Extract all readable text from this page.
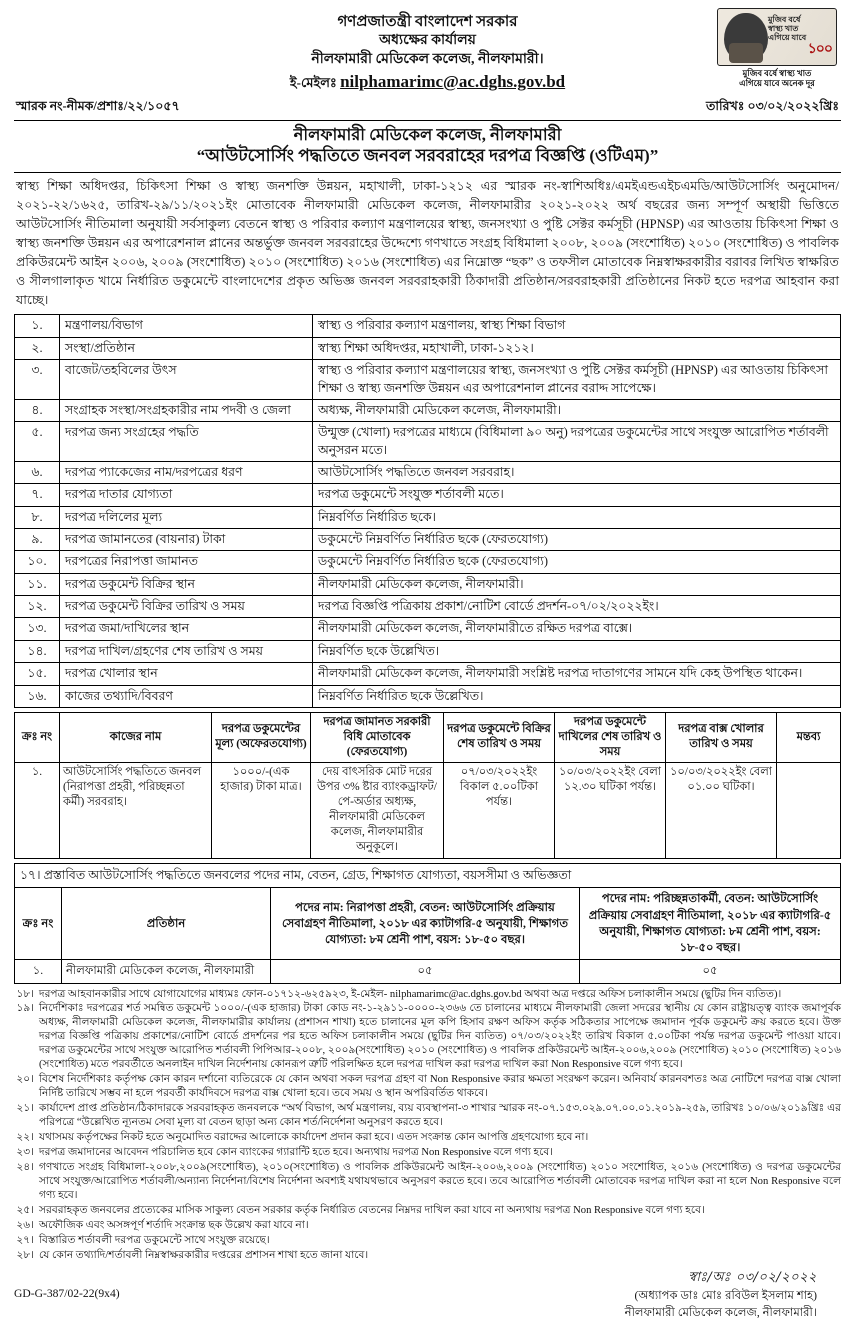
মুজিব বর্ষে
স্বাস্থ্য খাত
এগিয়ে যাবে
১০০
মুজিব বর্ষে স্বাস্থ্য খাত
এগিয়ে যাবে অনেক দূর
গণপ্রজাতন্ত্রী বাংলাদেশ সরকার
অধ্যক্ষের কার্যালয়
নীলফামারী মেডিকেল কলেজ, নীলফামারী।
ই-মেইলঃ nilphamarimc@ac.dghs.gov.bd
স্মারক নং-নীমক/প্রশাঃ/২২/১০৫৭	তারিখঃ ০৩/০২/২০২২খ্রিঃ
নীলফামারী মেডিকেল কলেজ, নীলফামারী
“আউটসোর্সিং পদ্ধতিতে জনবল সরবরাহের দরপত্র বিজ্ঞপ্তি (ওটিএম)”
স্বাস্থ্য শিক্ষা অধিদপ্তর, চিকিৎসা শিক্ষা ও স্বাস্থ্য জনশক্তি উন্নয়ন, মহাখালী, ঢাকা-১২১২ এর স্মারক নং-স্বাশিঅধিঃ/এমইএন্ডএইচএমডি/আউটসোর্সিং অনুমোদন/২০২১-২২/১৬২৫, তারিখ-২৯/১১/২০২১ইং মোতাবেক নীলফামারী মেডিকেল কলেজ, নীলফামারীর ২০২১-২০২২ অর্থ বছরের জন্য সম্পূর্ণ অস্থায়ী ভিত্তিতে আউটসোর্সিং নীতিমালা অনুযায়ী সর্বসাকুল্য বেতনে স্বাস্থ্য ও পরিবার কল্যাণ মন্ত্রণালয়ের স্বাস্থ্য, জনসংখ্যা ও পুষ্টি সেক্টর কর্মসূচী (HPNSP) এর আওতায় চিকিৎসা শিক্ষা ও স্বাস্থ্য জনশক্তি উন্নয়ন এর অপারেশনাল প্লানের অন্তর্ভুক্ত জনবল সরবরাহের উদ্দেশ্যে গণখাতে সংগ্রহ বিধিমালা ২০০৮, ২০০৯ (সংশোধিত) ২০১০ (সংশোধিত) ও পাবলিক প্রকিউরমেন্ট আইন ২০০৬, ২০০৯ (সংশোধিত) ২০১০ (সংশোধিত) ২০১৬ (সংশোধিত) এর নিম্নোক্ত “ছক” ও তফসীল মোতাবেক নিম্নস্বাক্ষরকারীর বরাবর লিখিত স্বাক্ষরিত ও সীলগালাকৃত খামে নির্ধারিত ডকুমেন্টে বাংলাদেশের প্রকৃত অভিজ্ঞ জনবল সরবরাহকারী ঠিকাদারী প্রতিষ্ঠান/সরবরাহকারী প্রতিষ্ঠানের নিকট হতে দরপত্র আহবান করা যাচ্ছে।
১.	মন্ত্রণালয়/বিভাগ	স্বাস্থ্য ও পরিবার কল্যাণ মন্ত্রণালয়, স্বাস্থ্য শিক্ষা বিভাগ
২.	সংস্থা/প্রতিষ্ঠান	স্বাস্থ্য শিক্ষা অধিদপ্তর, মহাখালী, ঢাকা-১২১২।
৩.	বাজেট/তহবিলের উৎস	স্বাস্থ্য ও পরিবার কল্যাণ মন্ত্রণালয়ের স্বাস্থ্য, জনসংখ্যা ও পুষ্টি সেক্টর কর্মসূচী (HPNSP) এর আওতায় চিকিৎসা শিক্ষা ও স্বাস্থ্য জনশক্তি উন্নয়ন এর অপারেশনাল প্লানের বরাদ্দ সাপেক্ষে।
৪.	সংগ্রাহক সংস্থা/সংগ্রহকারীর নাম পদবী ও জেলা	অধ্যক্ষ, নীলফামারী মেডিকেল কলেজ, নীলফামারী।
৫.	দরপত্র জন্য সংগ্রহের পদ্ধতি	উন্মুক্ত (খোলা) দরপত্রের মাধ্যমে (বিধিমালা ৯০ অনু) দরপত্রের ডকুমেন্টের সাথে সংযুক্ত আরোপিত শর্তাবলী অনুসরন মতে।
৬.	দরপত্র প্যাকেজের নাম/দরপত্রের ধরণ	আউটসোর্সিং পদ্ধতিতে জনবল সরবরাহ।
৭.	দরপত্র দাতার যোগ্যতা	দরপত্র ডকুমেন্টে সংযুক্ত শর্তাবলী মতে।
৮.	দরপত্র দলিলের মূল্য	নিম্নবর্ণিত নির্ধারিত ছকে।
৯.	দরপত্র জামানতের (বায়নার) টাকা	ডকুমেন্টে নিম্নবর্ণিত নির্ধারিত ছকে (ফেরতযোগ্য)
১০.	দরপত্রের নিরাপত্তা জামানত	ডকুমেন্টে নিম্নবর্ণিত নির্ধারিত ছকে (ফেরতযোগ্য)
১১.	দরপত্র ডকুমেন্ট বিক্রির স্থান	নীলফামারী মেডিকেল কলেজ, নীলফামারী।
১২.	দরপত্র ডকুমেন্ট বিক্রির তারিখ ও সময়	দরপত্র বিজ্ঞপ্তি পত্রিকায় প্রকাশ/নোটিশ বোর্ডে প্রদর্শন-০৭/০২/২০২২ইং।
১৩.	দরপত্র জমা/দাখিলের স্থান	নীলফামারী মেডিকেল কলেজ, নীলফামারীতে রক্ষিত দরপত্র বাক্সে।
১৪.	দরপত্র দাখিল/গ্রহণের শেষ তারিখ ও সময়	নিম্নবর্ণিত ছকে উল্লেখিত।
১৫.	দরপত্র খোলার স্থান	নীলফামারী মেডিকেল কলেজ, নীলফামারী সংশ্লিষ্ট দরপত্র দাতাগণের সামনে যদি কেহ উপস্থিত থাকেন।
১৬.	কাজের তথ্যাদি/বিবরণ	নিম্নবর্ণিত নির্ধারিত ছকে উল্লেখিত।
ক্রঃ নং	কাজের নাম	দরপত্র ডকুমেন্টের মূল্য (অফেরতযোগ্য)	দরপত্র জামানত সরকারী বিধি মোতাবেক (ফেরতযোগ্য)	দরপত্র ডকুমেন্টে বিক্রির শেষ তারিখ ও সময়	দরপত্র ডকুমেন্টে দাখিলের শেষ তারিখ ও সময়	দরপত্র বাক্স খোলার তারিখ ও সময়	মন্তব্য
১.	আউটসোর্সিং পদ্ধতিতে জনবল (নিরাপত্তা প্রহরী, পরিচ্ছন্নতা কর্মী) সরবরাহ।	১০০০/-(এক হাজার) টাকা মাত্র।	দেয় বাৎসরিক মোট দরের উপর ৩% ষ্টার ব্যাংকড্রাফট/পে-অর্ডার অধ্যক্ষ, নীলফামারী মেডিকেল কলেজ, নীলফামারীর অনুকূলে।	০৭/০৩/২০২২ইং বিকাল ৫.০০টিকা পর্যন্ত।	১০/০৩/২০২২ইং বেলা ১২.৩০ ঘটিকা পর্যন্ত।	১০/০৩/২০২২ইং বেলা ০১.০০ ঘটিকা।	
১৭। প্রস্তাবিত আউটসোর্সিং পদ্ধতিতে জনবলের পদের নাম, বেতন, গ্রেড, শিক্ষাগত যোগ্যতা, বয়সসীমা ও অভিজ্ঞতা
ক্রঃ নং	প্রতিষ্ঠান	পদের নাম: নিরাপত্তা প্রহরী, বেতন: আউটসোর্সিং প্রক্রিয়ায় সেবাগ্রহণ নীতিমালা, ২০১৮ এর ক্যাটাগরি-৫ অনুযায়ী, শিক্ষাগত যোগ্যতা: ৮ম শ্রেনী পাশ, বয়স: ১৮-৫০ বছর।	পদের নাম: পরিচ্ছন্নতাকর্মী, বেতন: আউটসোর্সিং প্রক্রিয়ায় সেবাগ্রহণ নীতিমালা, ২০১৮ এর ক্যাটাগরি-৫ অনুযায়ী, শিক্ষাগত যোগ্যতা: ৮ম শ্রেনী পাশ, বয়স: ১৮-৫০ বছর।
১.	নীলফামারী মেডিকেল কলেজ, নীলফামারী	০৫	০৫
১৮। দরপত্র আহবানকারীর সাথে যোগাযোগের মাধ্যমঃ ফোন-০১৭১২-৬২৫৯২৩, ই-মেইল- nilphamarimc@ac.dghs.gov.bd অথবা অত্র দপ্তরে অফিস চলাকালীন সময়ে (ছুটির দিন ব্যতিত)।
১৯। নির্দেশিকাঃ দরপত্রের শর্ত সমন্বিত ডকুমেন্ট ১০০০/-(এক হাজার) টাকা কোড নং-১-২৯১১-০০০০-২৩৬৬ তে চালানের মাধ্যমে নীলফামারী জেলা সদরের স্থানীয় যে কোন রাষ্ট্রায়ত্ত্ব ব্যাংক জমাপূর্বক অধ্যক্ষ, নীলফামারী মেডিকেল কলেজ, নীলফামারীর কার্যালয় (প্রশাসন শাখা) হতে চালানের মূল কপি হিসাব রক্ষণ অফিস কর্তৃক সঠিকতার সাপেক্ষে জমাদান পূর্বক ডকুমেন্ট ক্রয় করতে হবে। উক্ত দরপত্র বিজ্ঞপ্তি পত্রিকায় প্রকাশের/নোটিশ বোর্ডে প্রদর্শনের পর হতে অফিস চলাকালীন সময়ে (ছুটির দিন ব্যতিত) ০৭/০৩/২০২২ইং তারিখ বিকাল ৫.০০টিকা পর্যন্ত দরপত্র ডকুমেন্ট পাওয়া যাবে। দরপত্র ডকুমেন্টের সাথে সংযুক্ত আরোপিত শর্তাবলী পিপিআর-২০০৮, ২০০৯(সংশোধিত) ২০১০ (সংশোধিত) ও পাবলিক প্রকিউরমেন্ট আইন-২০০৬,২০০৯ (সংশোধিত) ২০১০ (সংশোধিত) ২০১৬ (সংশোধিত) মতে পরবর্তীতে অনলাইন দাখিল নির্দেশনায় কোনরূপ ত্রুটি পরিলক্ষিত হলে দরপত্র দাখিল করা দরপত্র দাখিল করা Non Responsive বলে গণ্য হবে।
২০। বিশেষ নির্দেশিকাঃ কর্তৃপক্ষ কোন কারন দর্শানো ব্যতিরেকে যে কোন অথবা সকল দরপত্র গ্রহণ বা Non Responsive করার ক্ষমতা সংরক্ষণ করেন। অনিবার্য কারনবশতঃ অত্র নোটিশে দরপত্র বাক্স খোলা নির্দিষ্ট তারিখে সম্ভব না হলে পরবর্তী কার্যদিবসে দরপত্র বাক্স খোলা হবে। তবে সময় ও স্থান অপরিবর্তিত থাকবে।
২১। কার্যাদেশ প্রাপ্ত প্রতিষ্ঠান/ঠিকাদারকে সরবরাহকৃত জনবলকে “অর্থ বিভাগ, অর্থ মন্ত্রণালয়, ব্যয় ব্যবস্থাপনা-৩ শাখার স্মারক নং-০৭.১৫৩.০২৯.০৭.০০.০১.২০১৯-২৫৯, তারিখঃ ১০/০৬/২০১৯খ্রিঃ এর পরিপত্রে “উল্লেখিত ন্যূনতম সেবা মূল্য বা বেতন ছাড়া অন্য কোন শর্ত/নির্দেশনা অনুসরণ করতে হবে।
২২। যথাসময় কর্তৃপক্ষের নিকট হতে অনুমোদিত বরাদ্দের আলোকে কার্যাদেশ প্রদান করা হবে। এতদ সংক্রান্ত কোন আপত্তি গ্রহণযোগ্য হবে না।
২৩। দরপত্র জমাদানের আবেদন পরিচালিত হবে কোন ব্যাংকের গ্যারান্টি হতে হবে। অন্যথায় দরপত্র Non Responsive বলে গণ্য হবে।
২৪। গণখাতে সংগ্রহ বিধিমালা-২০০৮,২০০৯(সংশোধিত), ২০১০(সংশোধিত) ও পাবলিক প্রকিউরমেন্ট আইন-২০০৬,২০০৯ (সংশোধিত) ২০১০ সংশোধিত, ২০১৬ (সংশোধিত) ও দরপত্র ডকুমেন্টের সাথে সংযুক্ত/আরোপিত শর্তাবলী/অন্যান্য নির্দেশনা/বিশেষ নির্দেশনা অবশ্যই যথাযথভাবে অনুসরণ করতে হবে। তবে আরোপিত শর্তাবলী মোতাবেক দরপত্র দাখিল করা না হলে Non Responsive বলে গণ্য হবে।
২৫। সরবরাহকৃত জনবলের প্রত্যেকের মাসিক সাকুল্য বেতন সরকার কর্তৃক নির্ধারিত বেতনের নিম্নদর দাখিল করা যাবে না অন্যথায় দরপত্র Non Responsive বলে গণ্য হবে।
২৬। অফৌজিক এবং অসঙ্গপূর্ণ শর্তাদি সংক্রান্ত ছক উল্লেখ করা যাবে না।
২৭। বিস্তারিত শর্তাবলী দরপত্র ডকুমেন্টে সাথে সংযুক্ত রয়েছে।
২৮। যে কোন তথ্যাদি/শর্তাবলী নিম্নস্বাক্ষরকারীর দপ্তরের প্রশাসন শাখা হতে জানা যাবে।
স্বাঃ/অঃ ০৩/০২/২০২২
(অধ্যাপক ডাঃ মোঃ রবিউল ইসলাম শাহ)
নীলফামারী মেডিকেল কলেজ, নীলফামারী।
GD-G-387/02-22(9x4)
